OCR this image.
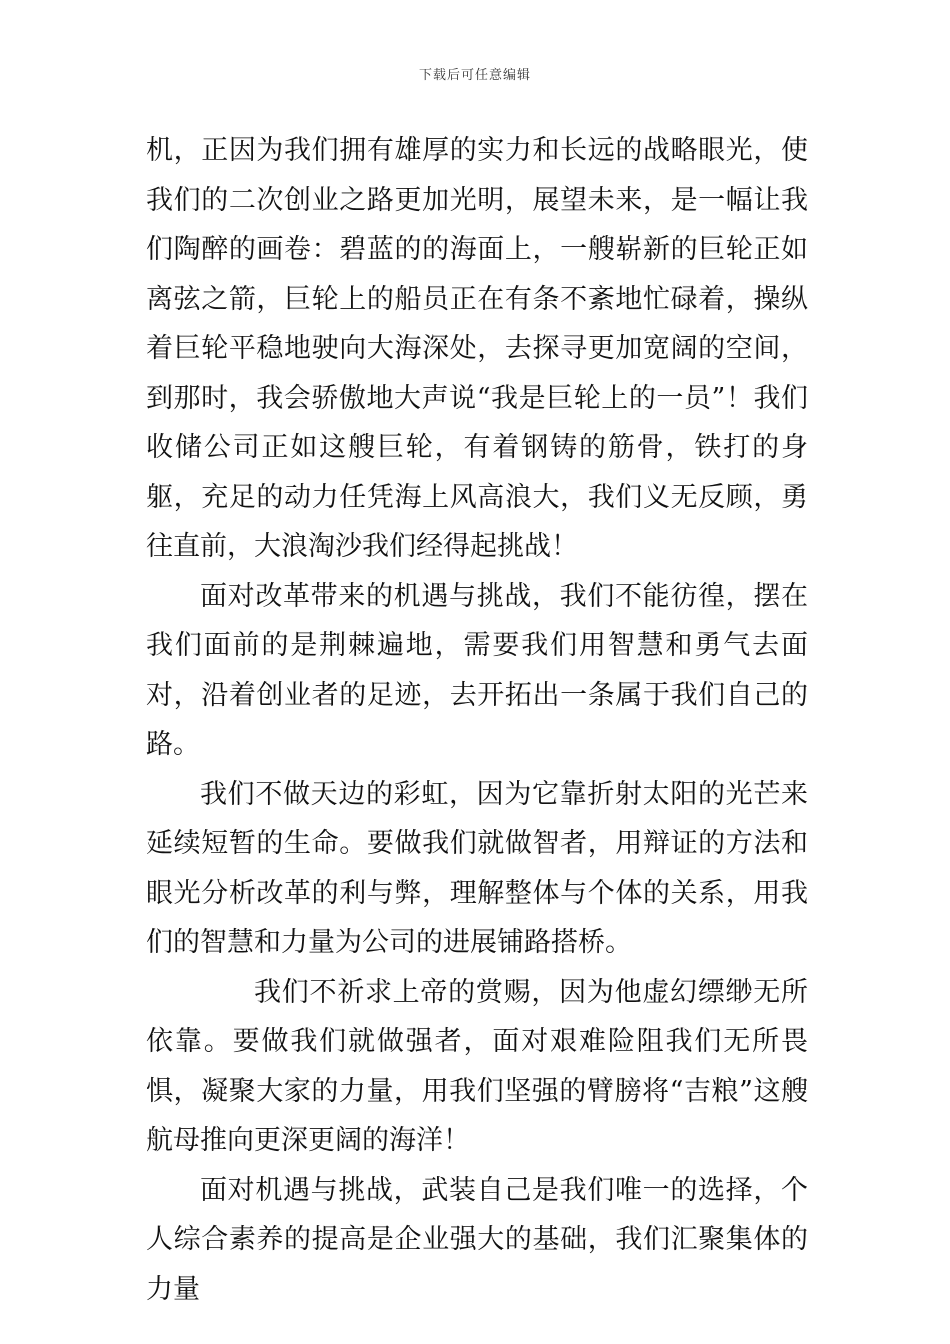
下载后可任意编辑

机，正因为我们拥有雄厚的实力和长远的战略眼光，使我们的二次创业之路更加光明，展望未来，是一幅让我们陶醉的画卷：碧蓝的的海面上，一艘崭新的巨轮正如离弦之箭，巨轮上的船员正在有条不紊地忙碌着，操纵着巨轮平稳地驶向大海深处，去探寻更加宽阔的空间，到那时，我会骄傲地大声说“我是巨轮上的一员”！我们收储公司正如这艘巨轮，有着钢铸的筋骨，铁打的身躯，充足的动力任凭海上风高浪大，我们义无反顾，勇往直前，大浪淘沙我们经得起挑战！

面对改革带来的机遇与挑战，我们不能彷徨，摆在我们面前的是荆棘遍地，需要我们用智慧和勇气去面对，沿着创业者的足迹，去开拓出一条属于我们自己的路。

我们不做天边的彩虹，因为它靠折射太阳的光芒来延续短暂的生命。要做我们就做智者，用辩证的方法和眼光分析改革的利与弊，理解整体与个体的关系，用我们的智慧和力量为公司的进展铺路搭桥。

我们不祈求上帝的赏赐，因为他虚幻缥缈无所依靠。要做我们就做强者，面对艰难险阻我们无所畏惧，凝聚大家的力量，用我们坚强的臂膀将“吉粮”这艘航母推向更深更阔的海洋！

面对机遇与挑战，武装自己是我们唯一的选择，个人综合素养的提高是企业强大的基础，我们汇聚集体的力量
